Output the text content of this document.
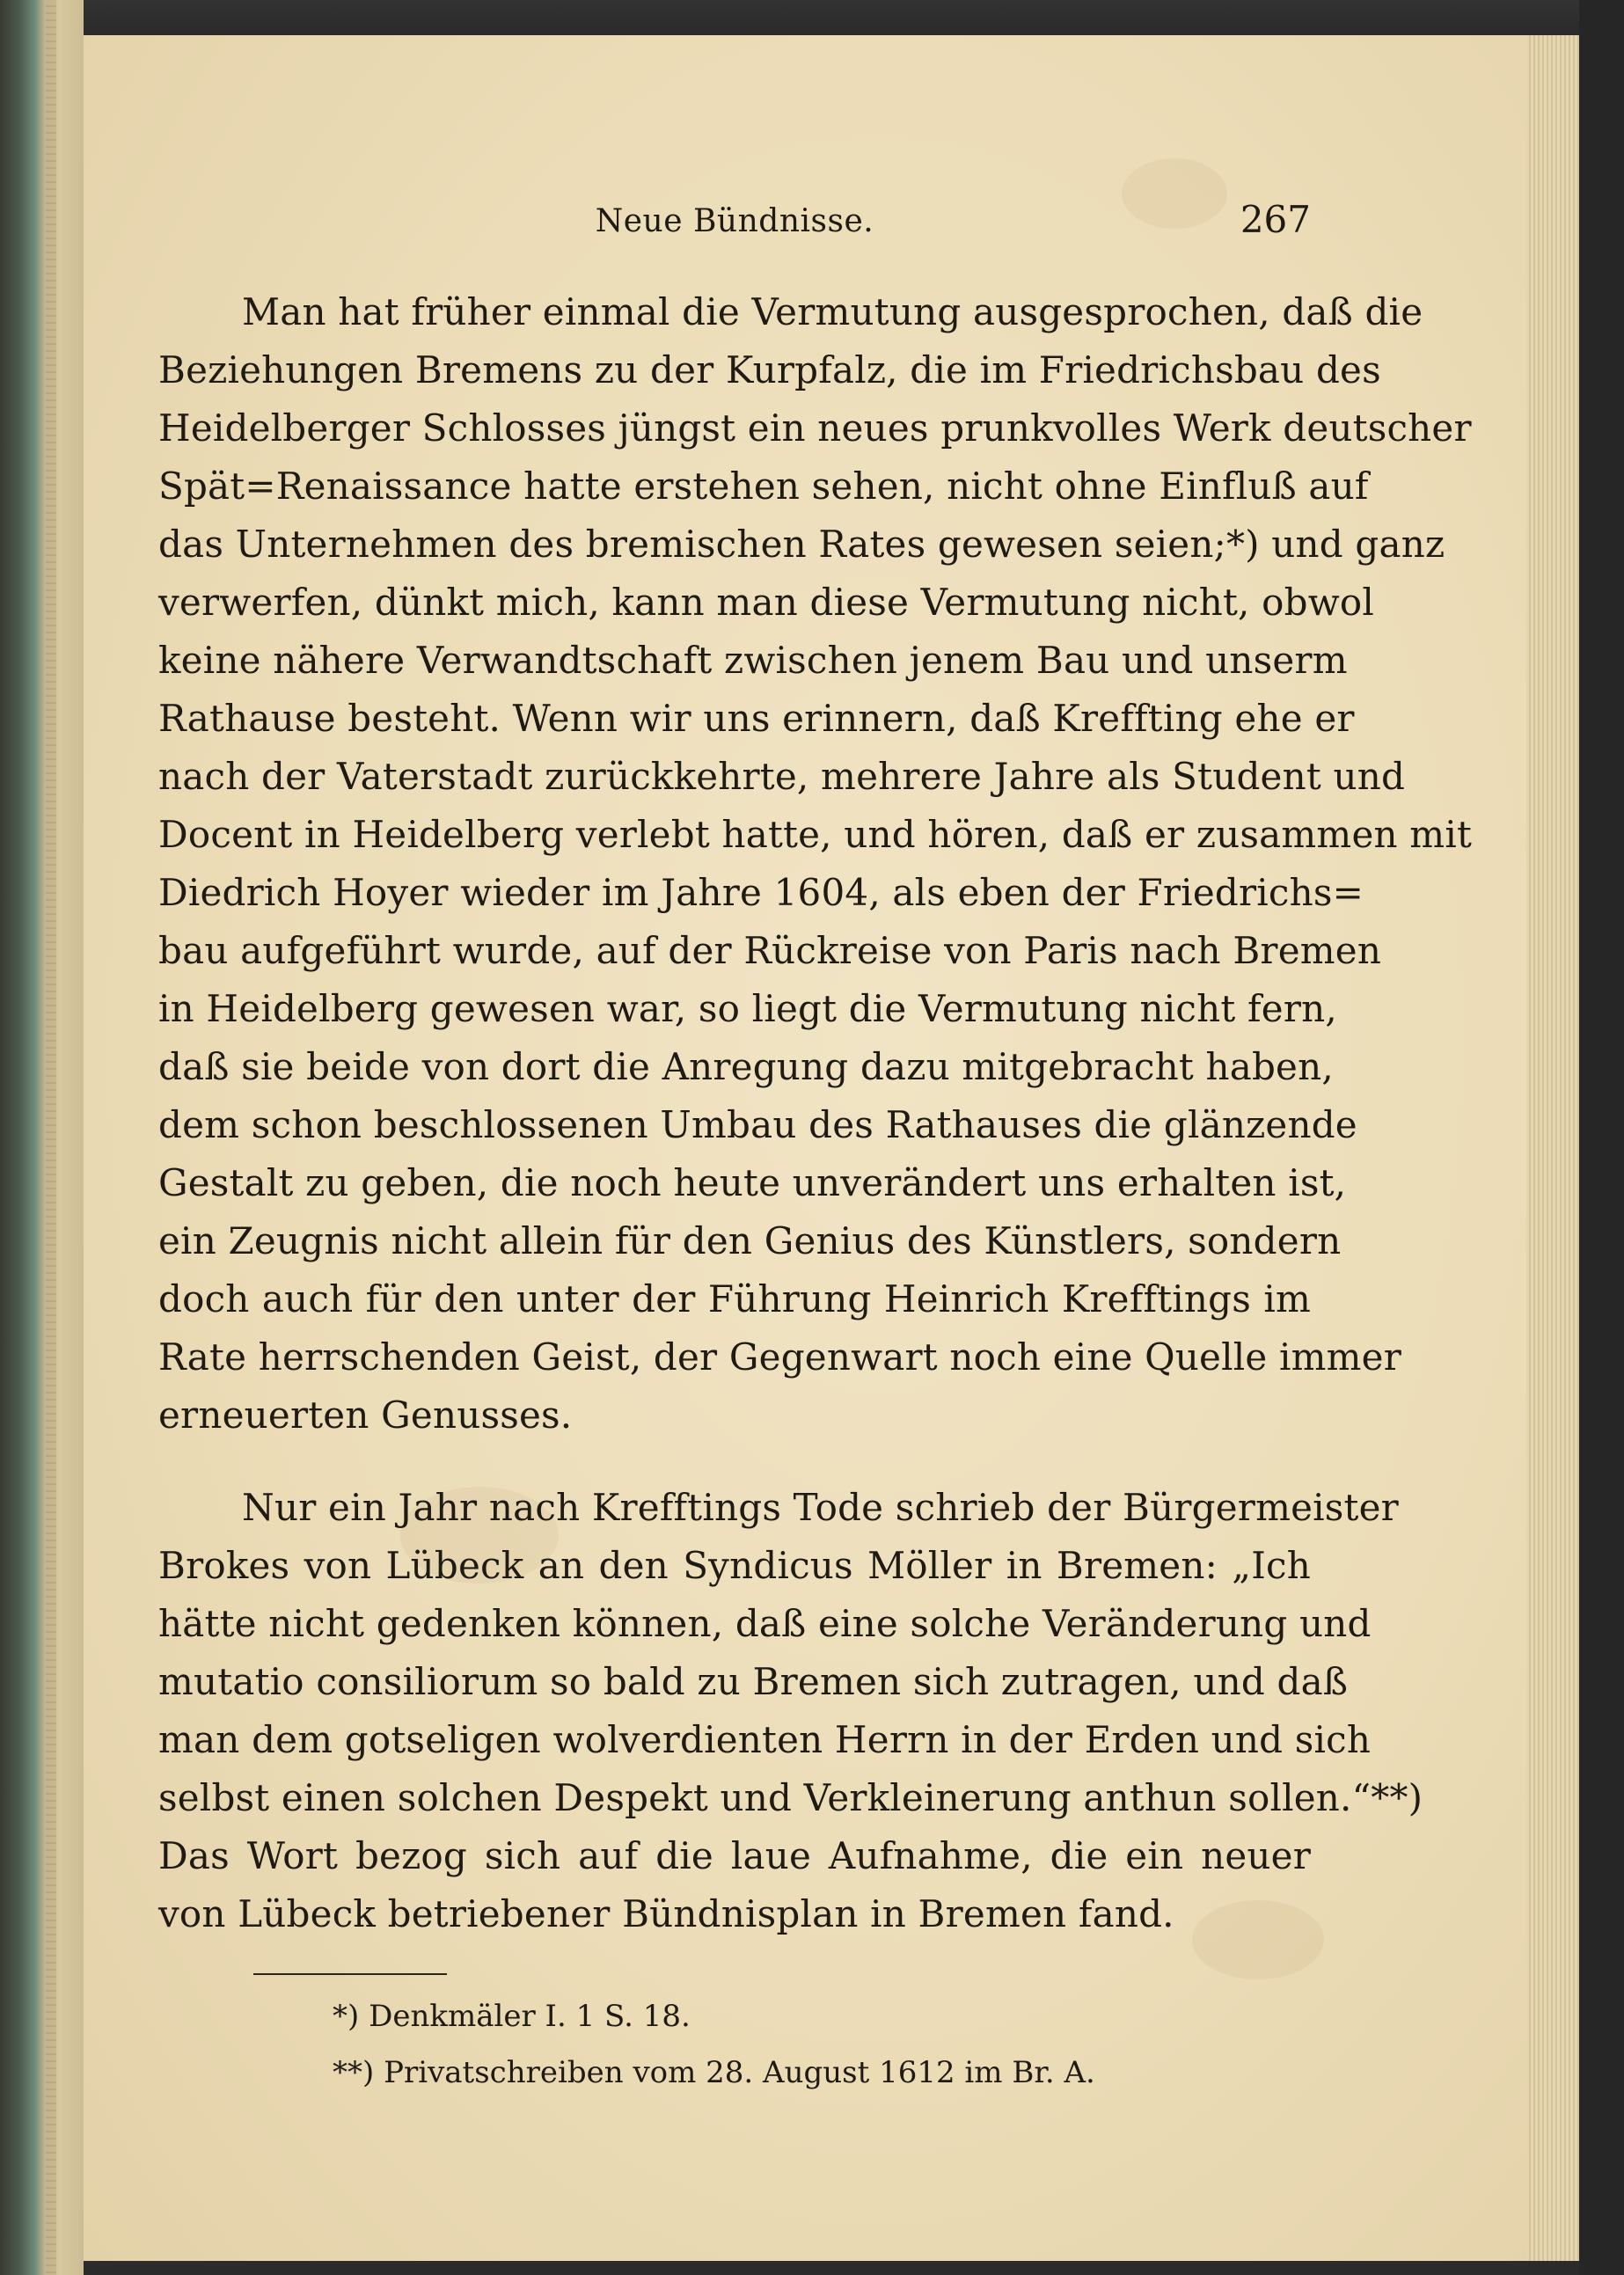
Neue Bündnisse.	267
Man hat früher einmal die Vermutung ausgesprochen, daß die
Beziehungen Bremens zu der Kurpfalz, die im Friedrichsbau des
Heidelberger Schlosses jüngst ein neues prunkvolles Werk deutscher
Spät=Renaissance hatte erstehen sehen, nicht ohne Einfluß auf
das Unternehmen des bremischen Rates gewesen seien;*) und ganz
verwerfen, dünkt mich, kann man diese Vermutung nicht, obwol
keine nähere Verwandtschaft zwischen jenem Bau und unserm
Rathause besteht. Wenn wir uns erinnern, daß Kreffting ehe er
nach der Vaterstadt zurückkehrte, mehrere Jahre als Student und
Docent in Heidelberg verlebt hatte, und hören, daß er zusammen mit
Diedrich Hoyer wieder im Jahre 1604, als eben der Friedrichs=
bau aufgeführt wurde, auf der Rückreise von Paris nach Bremen
in Heidelberg gewesen war, so liegt die Vermutung nicht fern,
daß sie beide von dort die Anregung dazu mitgebracht haben,
dem schon beschlossenen Umbau des Rathauses die glänzende
Gestalt zu geben, die noch heute unverändert uns erhalten ist,
ein Zeugnis nicht allein für den Genius des Künstlers, sondern
doch auch für den unter der Führung Heinrich Krefftings im
Rate herrschenden Geist, der Gegenwart noch eine Quelle immer
erneuerten Genusses.
Nur ein Jahr nach Krefftings Tode schrieb der Bürgermeister
Brokes von Lübeck an den Syndicus Möller in Bremen: „Ich
hätte nicht gedenken können, daß eine solche Veränderung und
mutatio consiliorum so bald zu Bremen sich zutragen, und daß
man dem gotseligen wolverdienten Herrn in der Erden und sich
selbst einen solchen Despekt und Verkleinerung anthun sollen.“**)
Das Wort bezog sich auf die laue Aufnahme, die ein neuer
von Lübeck betriebener Bündnisplan in Bremen fand.
*) Denkmäler I. 1 S. 18.
**) Privatschreiben vom 28. August 1612 im Br. A.
